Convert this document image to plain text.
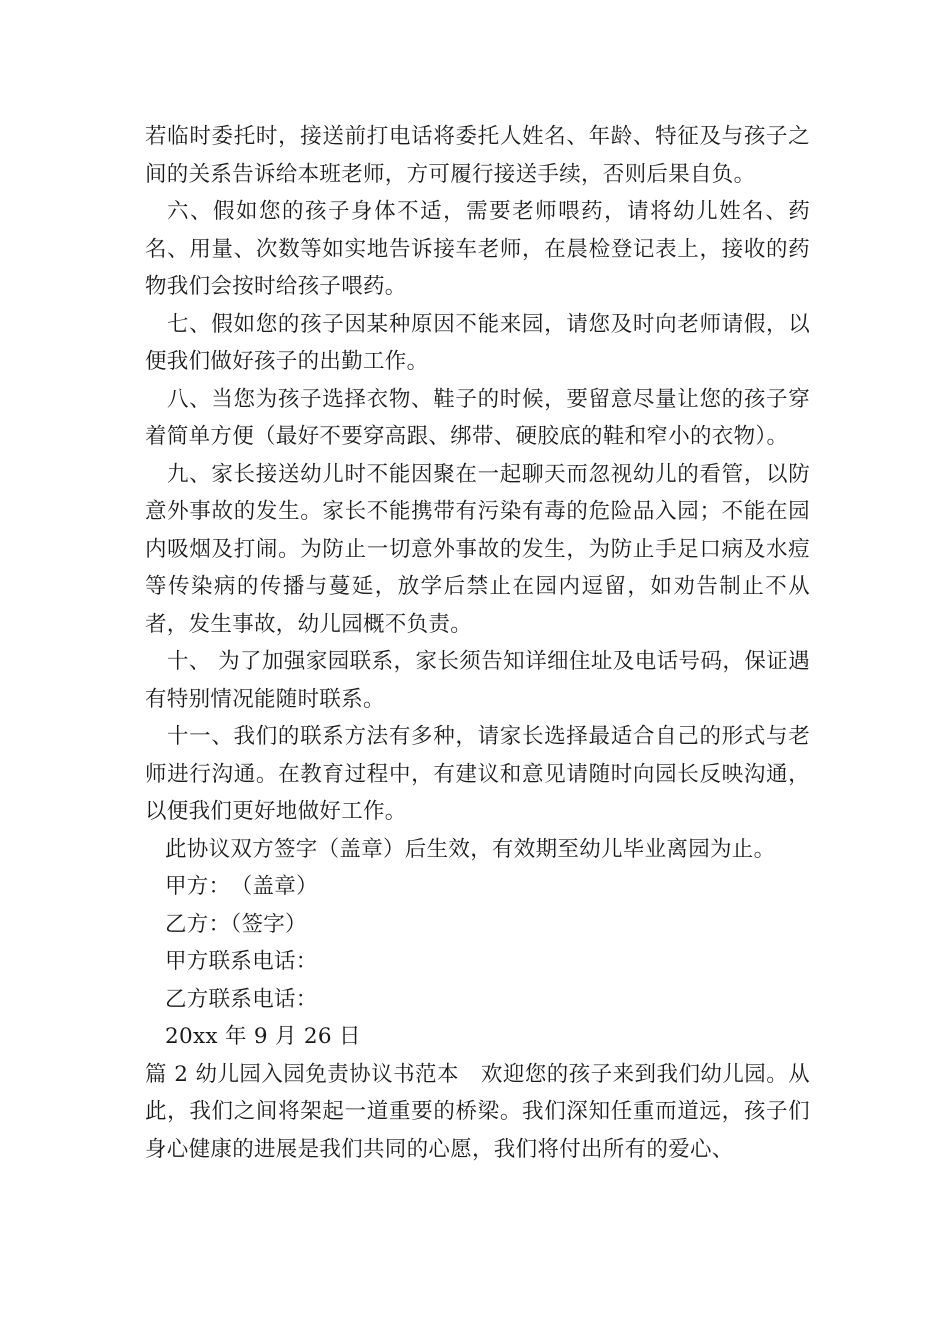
若临时委托时，接送前打电话将委托人姓名、年龄、特征及与孩子之间的关系告诉给本班老师，方可履行接送手续，否则后果自负。

六、假如您的孩子身体不适，需要老师喂药，请将幼儿姓名、药名、用量、次数等如实地告诉接车老师，在晨检登记表上，接收的药物我们会按时给孩子喂药。

七、假如您的孩子因某种原因不能来园，请您及时向老师请假，以便我们做好孩子的出勤工作。

八、当您为孩子选择衣物、鞋子的时候，要留意尽量让您的孩子穿着简单方便（最好不要穿高跟、绑带、硬胶底的鞋和窄小的衣物）。

九、家长接送幼儿时不能因聚在一起聊天而忽视幼儿的看管，以防意外事故的发生。家长不能携带有污染有毒的危险品入园；不能在园内吸烟及打闹。为防止一切意外事故的发生，为防止手足口病及水痘等传染病的传播与蔓延，放学后禁止在园内逗留，如劝告制止不从者，发生事故，幼儿园概不负责。

十、 为了加强家园联系，家长须告知详细住址及电话号码，保证遇有特别情况能随时联系。

十一、我们的联系方法有多种，请家长选择最适合自己的形式与老师进行沟通。在教育过程中，有建议和意见请随时向园长反映沟通，以便我们更好地做好工作。

此协议双方签字（盖章）后生效，有效期至幼儿毕业离园为止。

甲方：　（盖章）

乙方：（签字）

甲方联系电话：

乙方联系电话：

20xx 年 9 月 26 日

篇 2 幼儿园入园免责协议书范本　欢迎您的孩子来到我们幼儿园。从此，我们之间将架起一道重要的桥梁。我们深知任重而道远，孩子们身心健康的进展是我们共同的心愿，我们将付出所有的爱心、
